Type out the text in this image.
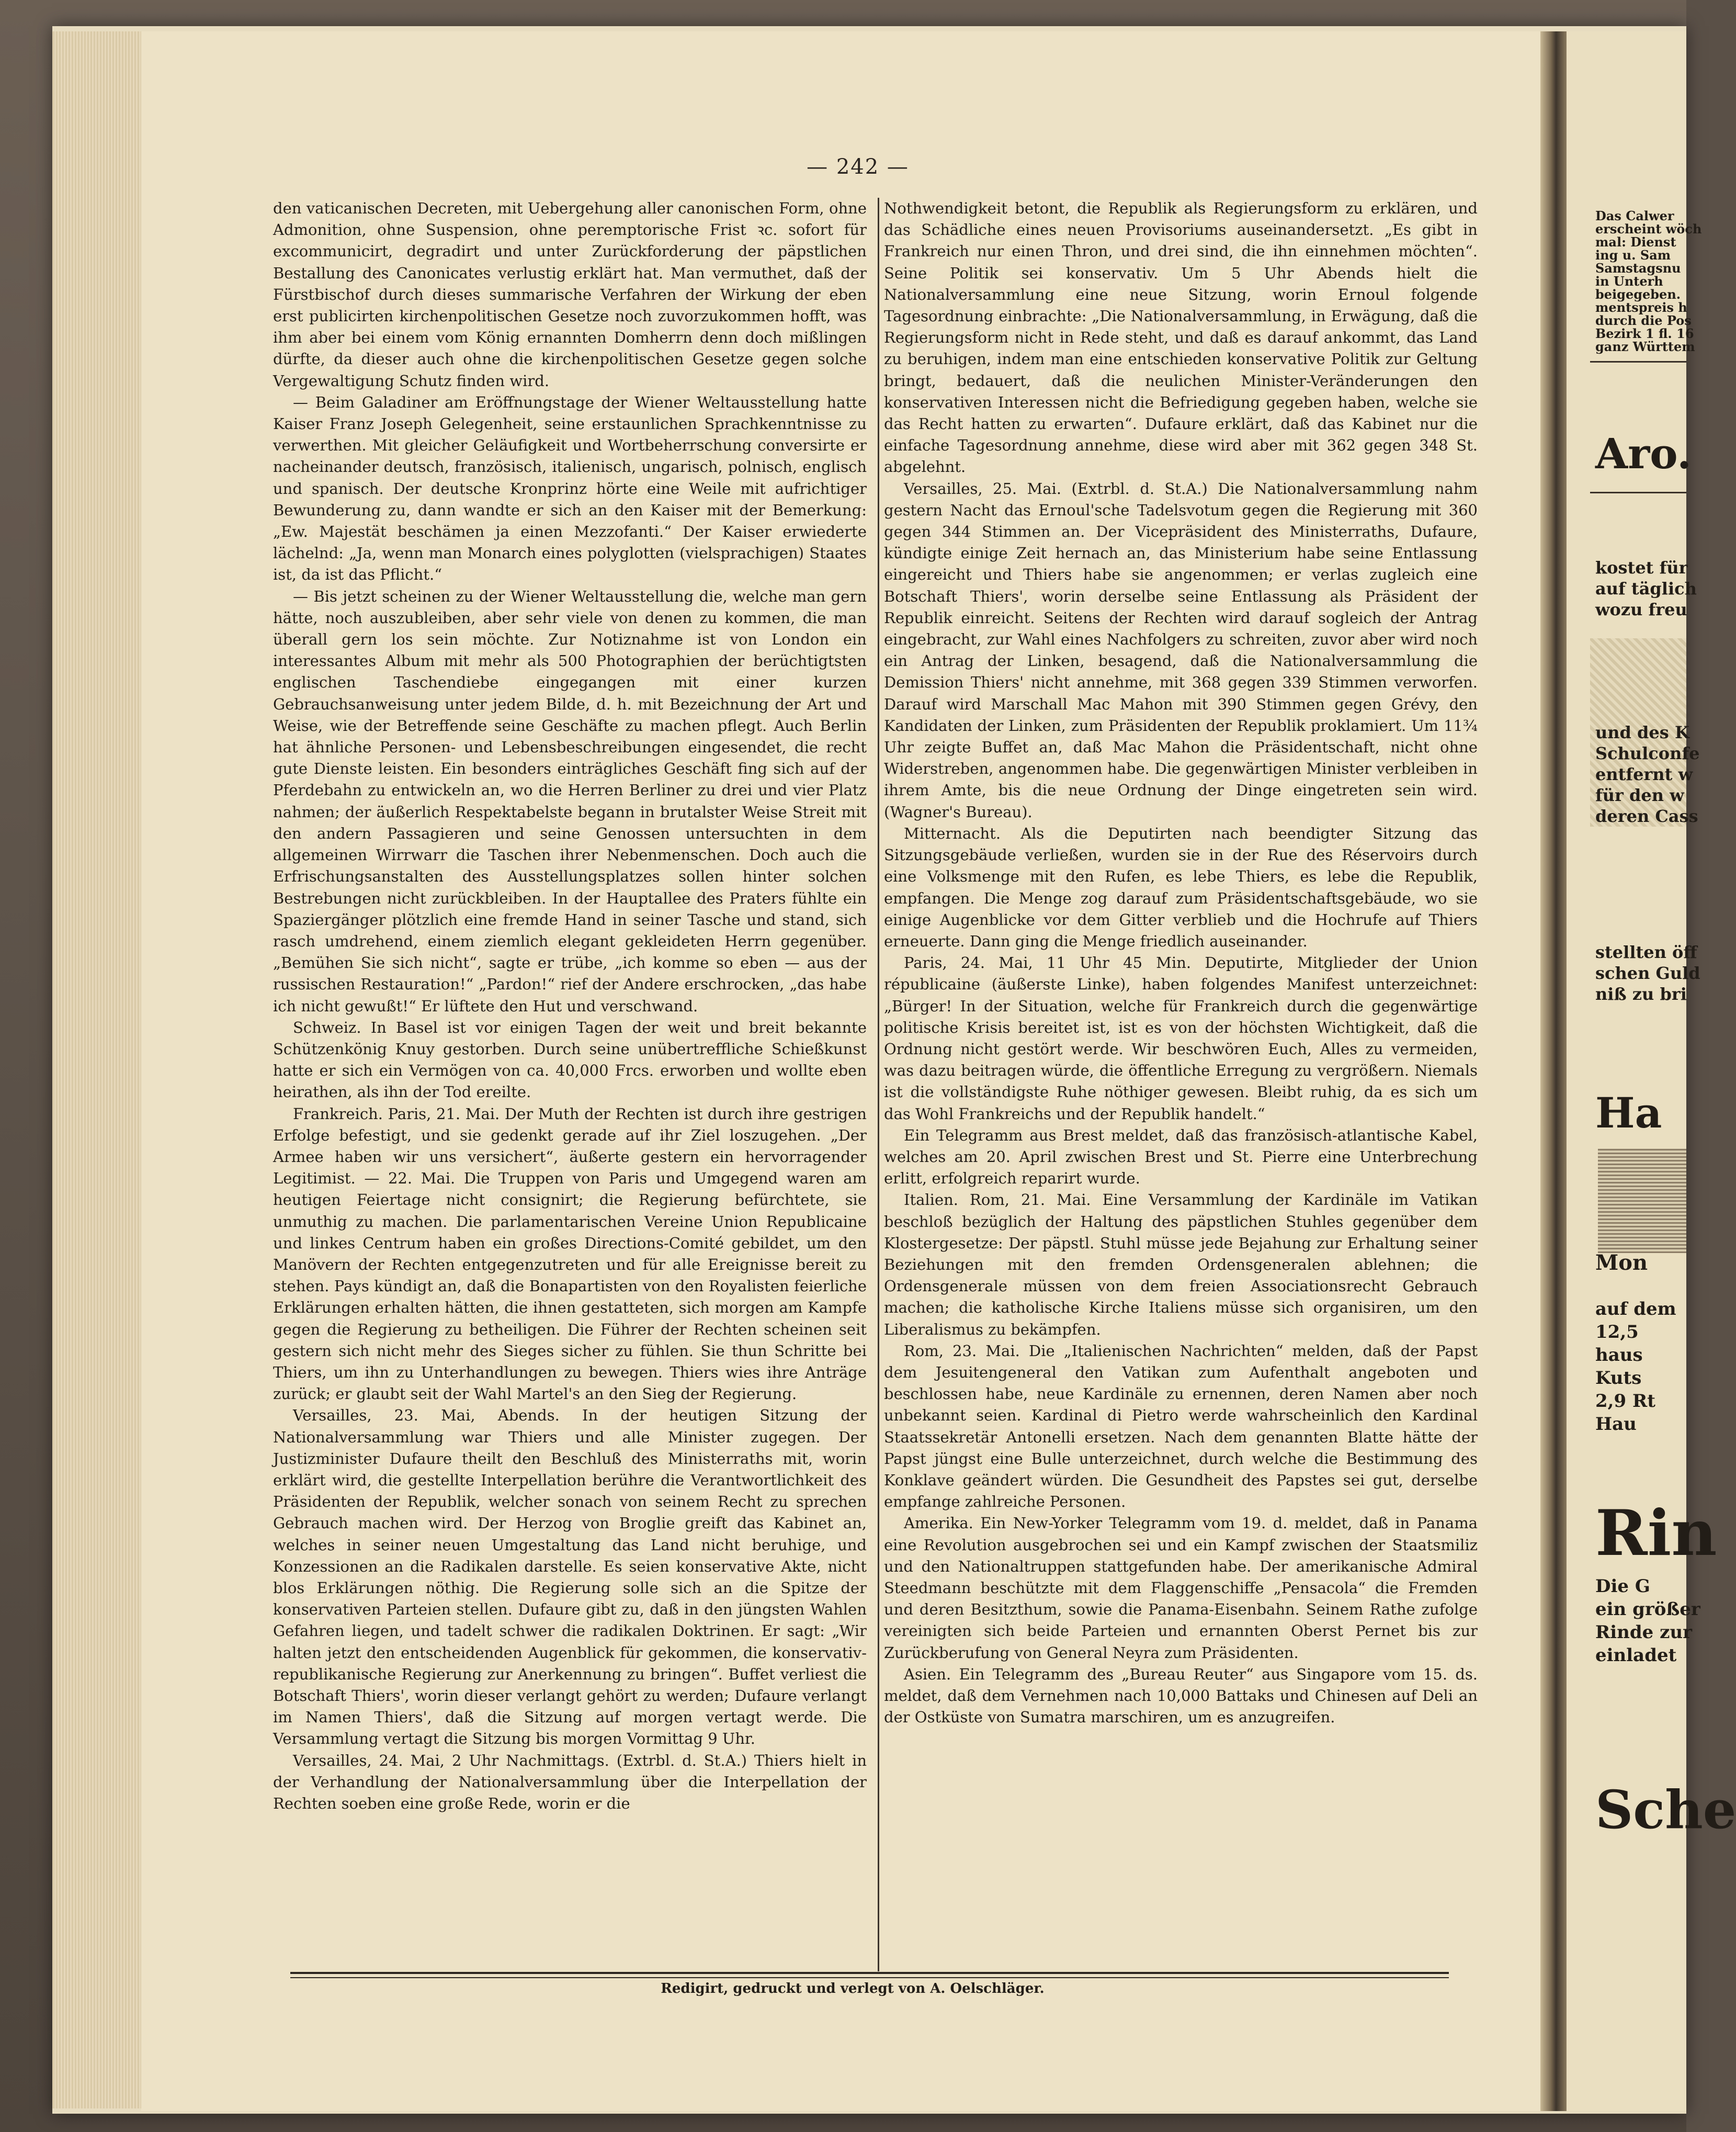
— 242 —

den vaticanischen Decreten, mit Uebergehung aller canonischen Form, ohne Admonition, ohne Suspension, ohne peremptorische Frist ꝛc. sofort für excommunicirt, degradirt und unter Zurückforderung der päpstlichen Bestallung des Canonicates verlustig erklärt hat. Man vermuthet, daß der Fürstbischof durch dieses summarische Verfahren der Wirkung der eben erst publicirten kirchenpolitischen Gesetze noch zuvorzukommen hofft, was ihm aber bei einem vom König ernannten Domherrn denn doch mißlingen dürfte, da dieser auch ohne die kirchenpolitischen Gesetze gegen solche Vergewaltigung Schutz finden wird.

— Beim Galadiner am Eröffnungstage der Wiener Weltausstellung hatte Kaiser Franz Joseph Gelegenheit, seine erstaunlichen Sprachkenntnisse zu verwerthen. Mit gleicher Geläufigkeit und Wortbeherrschung conversirte er nacheinander deutsch, französisch, italienisch, ungarisch, polnisch, englisch und spanisch. Der deutsche Kronprinz hörte eine Weile mit aufrichtiger Bewunderung zu, dann wandte er sich an den Kaiser mit der Bemerkung: „Ew. Majestät beschämen ja einen Mezzofanti.“ Der Kaiser erwiederte lächelnd: „Ja, wenn man Monarch eines polyglotten (vielsprachigen) Staates ist, da ist das Pflicht.“

— Bis jetzt scheinen zu der Wiener Weltausstellung die, welche man gern hätte, noch auszubleiben, aber sehr viele von denen zu kommen, die man überall gern los sein möchte. Zur Notiznahme ist von London ein interessantes Album mit mehr als 500 Photographien der berüchtigtsten englischen Taschendiebe eingegangen mit einer kurzen Gebrauchsanweisung unter jedem Bilde, d. h. mit Bezeichnung der Art und Weise, wie der Betreffende seine Geschäfte zu machen pflegt. Auch Berlin hat ähnliche Personen- und Lebensbeschreibungen eingesendet, die recht gute Dienste leisten. Ein besonders einträgliches Geschäft fing sich auf der Pferdebahn zu entwickeln an, wo die Herren Berliner zu drei und vier Platz nahmen; der äußerlich Respektabelste begann in brutalster Weise Streit mit den andern Passagieren und seine Genossen untersuchten in dem allgemeinen Wirrwarr die Taschen ihrer Nebenmenschen. Doch auch die Erfrischungsanstalten des Ausstellungsplatzes sollen hinter solchen Bestrebungen nicht zurückbleiben. In der Hauptallee des Praters fühlte ein Spaziergänger plötzlich eine fremde Hand in seiner Tasche und stand, sich rasch umdrehend, einem ziemlich elegant gekleideten Herrn gegenüber. „Bemühen Sie sich nicht“, sagte er trübe, „ich komme so eben — aus der russischen Restauration!“ „Pardon!“ rief der Andere erschrocken, „das habe ich nicht gewußt!“ Er lüftete den Hut und verschwand.

Schweiz. In Basel ist vor einigen Tagen der weit und breit bekannte Schützenkönig Knuy gestorben. Durch seine unübertreffliche Schießkunst hatte er sich ein Vermögen von ca. 40,000 Frcs. erworben und wollte eben heirathen, als ihn der Tod ereilte.

Frankreich. Paris, 21. Mai. Der Muth der Rechten ist durch ihre gestrigen Erfolge befestigt, und sie gedenkt gerade auf ihr Ziel loszugehen. „Der Armee haben wir uns versichert“, äußerte gestern ein hervorragender Legitimist. — 22. Mai. Die Truppen von Paris und Umgegend waren am heutigen Feiertage nicht consignirt; die Regierung befürchtete, sie unmuthig zu machen. Die parlamentarischen Vereine Union Republicaine und linkes Centrum haben ein großes Directions-Comité gebildet, um den Manövern der Rechten entgegenzutreten und für alle Ereignisse bereit zu stehen. Pays kündigt an, daß die Bonapartisten von den Royalisten feierliche Erklärungen erhalten hätten, die ihnen gestatteten, sich morgen am Kampfe gegen die Regierung zu betheiligen. Die Führer der Rechten scheinen seit gestern sich nicht mehr des Sieges sicher zu fühlen. Sie thun Schritte bei Thiers, um ihn zu Unterhandlungen zu bewegen. Thiers wies ihre Anträge zurück; er glaubt seit der Wahl Martel's an den Sieg der Regierung.

Versailles, 23. Mai, Abends. In der heutigen Sitzung der Nationalversammlung war Thiers und alle Minister zugegen. Der Justizminister Dufaure theilt den Beschluß des Ministerraths mit, worin erklärt wird, die gestellte Interpellation berühre die Verantwortlichkeit des Präsidenten der Republik, welcher sonach von seinem Recht zu sprechen Gebrauch machen wird. Der Herzog von Broglie greift das Kabinet an, welches in seiner neuen Umgestaltung das Land nicht beruhige, und Konzessionen an die Radikalen darstelle. Es seien konservative Akte, nicht blos Erklärungen nöthig. Die Regierung solle sich an die Spitze der konservativen Parteien stellen. Dufaure gibt zu, daß in den jüngsten Wahlen Gefahren liegen, und tadelt schwer die radikalen Doktrinen. Er sagt: „Wir halten jetzt den entscheidenden Augenblick für gekommen, die konservativ-republikanische Regierung zur Anerkennung zu bringen“. Buffet verliest die Botschaft Thiers', worin dieser verlangt gehört zu werden; Dufaure verlangt im Namen Thiers', daß die Sitzung auf morgen vertagt werde. Die Versammlung vertagt die Sitzung bis morgen Vormittag 9 Uhr.

Versailles, 24. Mai, 2 Uhr Nachmittags. (Extrbl. d. St.A.) Thiers hielt in der Verhandlung der Nationalversammlung über die Interpellation der Rechten soeben eine große Rede, worin er die

Nothwendigkeit betont, die Republik als Regierungsform zu erklären, und das Schädliche eines neuen Provisoriums auseinandersetzt. „Es gibt in Frankreich nur einen Thron, und drei sind, die ihn einnehmen möchten“. Seine Politik sei konservativ. Um 5 Uhr Abends hielt die Nationalversammlung eine neue Sitzung, worin Ernoul folgende Tagesordnung einbrachte: „Die Nationalversammlung, in Erwägung, daß die Regierungsform nicht in Rede steht, und daß es darauf ankommt, das Land zu beruhigen, indem man eine entschieden konservative Politik zur Geltung bringt, bedauert, daß die neulichen Minister-Veränderungen den konservativen Interessen nicht die Befriedigung gegeben haben, welche sie das Recht hatten zu erwarten“. Dufaure erklärt, daß das Kabinet nur die einfache Tagesordnung annehme, diese wird aber mit 362 gegen 348 St. abgelehnt.

Versailles, 25. Mai. (Extrbl. d. St.A.) Die Nationalversammlung nahm gestern Nacht das Ernoul'sche Tadelsvotum gegen die Regierung mit 360 gegen 344 Stimmen an. Der Vicepräsident des Ministerraths, Dufaure, kündigte einige Zeit hernach an, das Ministerium habe seine Entlassung eingereicht und Thiers habe sie angenommen; er verlas zugleich eine Botschaft Thiers', worin derselbe seine Entlassung als Präsident der Republik einreicht. Seitens der Rechten wird darauf sogleich der Antrag eingebracht, zur Wahl eines Nachfolgers zu schreiten, zuvor aber wird noch ein Antrag der Linken, besagend, daß die Nationalversammlung die Demission Thiers' nicht annehme, mit 368 gegen 339 Stimmen verworfen. Darauf wird Marschall Mac Mahon mit 390 Stimmen gegen Grévy, den Kandidaten der Linken, zum Präsidenten der Republik proklamiert. Um 11¾ Uhr zeigte Buffet an, daß Mac Mahon die Präsidentschaft, nicht ohne Widerstreben, angenommen habe. Die gegenwärtigen Minister verbleiben in ihrem Amte, bis die neue Ordnung der Dinge eingetreten sein wird. (Wagner's Bureau).

Mitternacht. Als die Deputirten nach beendigter Sitzung das Sitzungsgebäude verließen, wurden sie in der Rue des Réservoirs durch eine Volksmenge mit den Rufen, es lebe Thiers, es lebe die Republik, empfangen. Die Menge zog darauf zum Präsidentschaftsgebäude, wo sie einige Augenblicke vor dem Gitter verblieb und die Hochrufe auf Thiers erneuerte. Dann ging die Menge friedlich auseinander.

Paris, 24. Mai, 11 Uhr 45 Min. Deputirte, Mitglieder der Union républicaine (äußerste Linke), haben folgendes Manifest unterzeichnet: „Bürger! In der Situation, welche für Frankreich durch die gegenwärtige politische Krisis bereitet ist, ist es von der höchsten Wichtigkeit, daß die Ordnung nicht gestört werde. Wir beschwören Euch, Alles zu vermeiden, was dazu beitragen würde, die öffentliche Erregung zu vergrößern. Niemals ist die vollständigste Ruhe nöthiger gewesen. Bleibt ruhig, da es sich um das Wohl Frankreichs und der Republik handelt.“

Ein Telegramm aus Brest meldet, daß das französisch-atlantische Kabel, welches am 20. April zwischen Brest und St. Pierre eine Unterbrechung erlitt, erfolgreich reparirt wurde.

Italien. Rom, 21. Mai. Eine Versammlung der Kardinäle im Vatikan beschloß bezüglich der Haltung des päpstlichen Stuhles gegenüber dem Klostergesetze: Der päpstl. Stuhl müsse jede Bejahung zur Erhaltung seiner Beziehungen mit den fremden Ordensgeneralen ablehnen; die Ordensgenerale müssen von dem freien Associationsrecht Gebrauch machen; die katholische Kirche Italiens müsse sich organisiren, um den Liberalismus zu bekämpfen.

Rom, 23. Mai. Die „Italienischen Nachrichten“ melden, daß der Papst dem Jesuitengeneral den Vatikan zum Aufenthalt angeboten und beschlossen habe, neue Kardinäle zu ernennen, deren Namen aber noch unbekannt seien. Kardinal di Pietro werde wahrscheinlich den Kardinal Staatssekretär Antonelli ersetzen. Nach dem genannten Blatte hätte der Papst jüngst eine Bulle unterzeichnet, durch welche die Bestimmung des Konklave geändert würden. Die Gesundheit des Papstes sei gut, derselbe empfange zahlreiche Personen.

Amerika. Ein New-Yorker Telegramm vom 19. d. meldet, daß in Panama eine Revolution ausgebrochen sei und ein Kampf zwischen der Staatsmiliz und den Nationaltruppen stattgefunden habe. Der amerikanische Admiral Steedmann beschützte mit dem Flaggenschiffe „Pensacola“ die Fremden und deren Besitzthum, sowie die Panama-Eisenbahn. Seinem Rathe zufolge vereinigten sich beide Parteien und ernannten Oberst Pernet bis zur Zurückberufung von General Neyra zum Präsidenten.

Asien. Ein Telegramm des „Bureau Reuter“ aus Singapore vom 15. ds. meldet, daß dem Vernehmen nach 10,000 Battaks und Chinesen auf Deli an der Ostküste von Sumatra marschiren, um es anzugreifen.

Redigirt, gedruckt und verlegt von A. Oelschläger.
Das Calwer
erscheint wöch
mal: Dienst
ing u. Sam
Samstagsnu
in Unterh
beigegeben.
mentspreis h
durch die Pos
Bezirk 1 fl. 16
ganz Württem
Aro.
kostet für
auf täglich
wozu freu
und des K
Schulconfe
entfernt w
für den w
deren Cass
stellten öff
schen Guld
niß zu bri
Ha
Mon
auf dem
12,5
haus
Kuts
2,9 Rt
Hau
Rin
Die G
ein größer
Rinde zur
einladet
Sche
